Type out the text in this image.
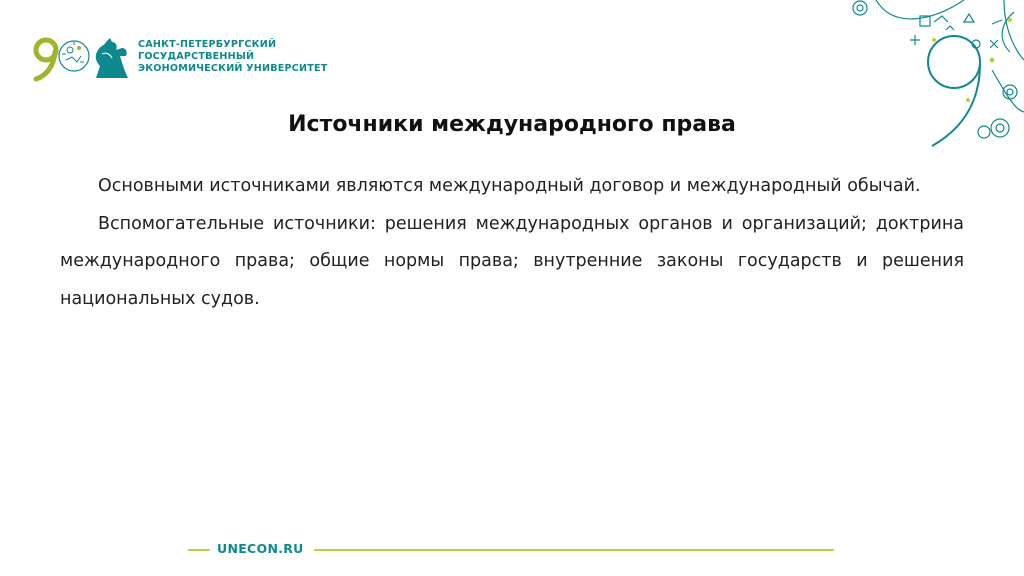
САНКТ-ПЕТЕРБУРГСКИЙ
ГОСУДАРСТВЕННЫЙ
ЭКОНОМИЧЕСКИЙ УНИВЕРСИТЕТ
Источники международного права

Основными источниками являются международный договор и международный обычай.

Вспомогательные источники: решения международных органов и организаций; доктрина международного права; общие нормы права; внутренние законы государств и решения национальных судов.

UNECON.RU
